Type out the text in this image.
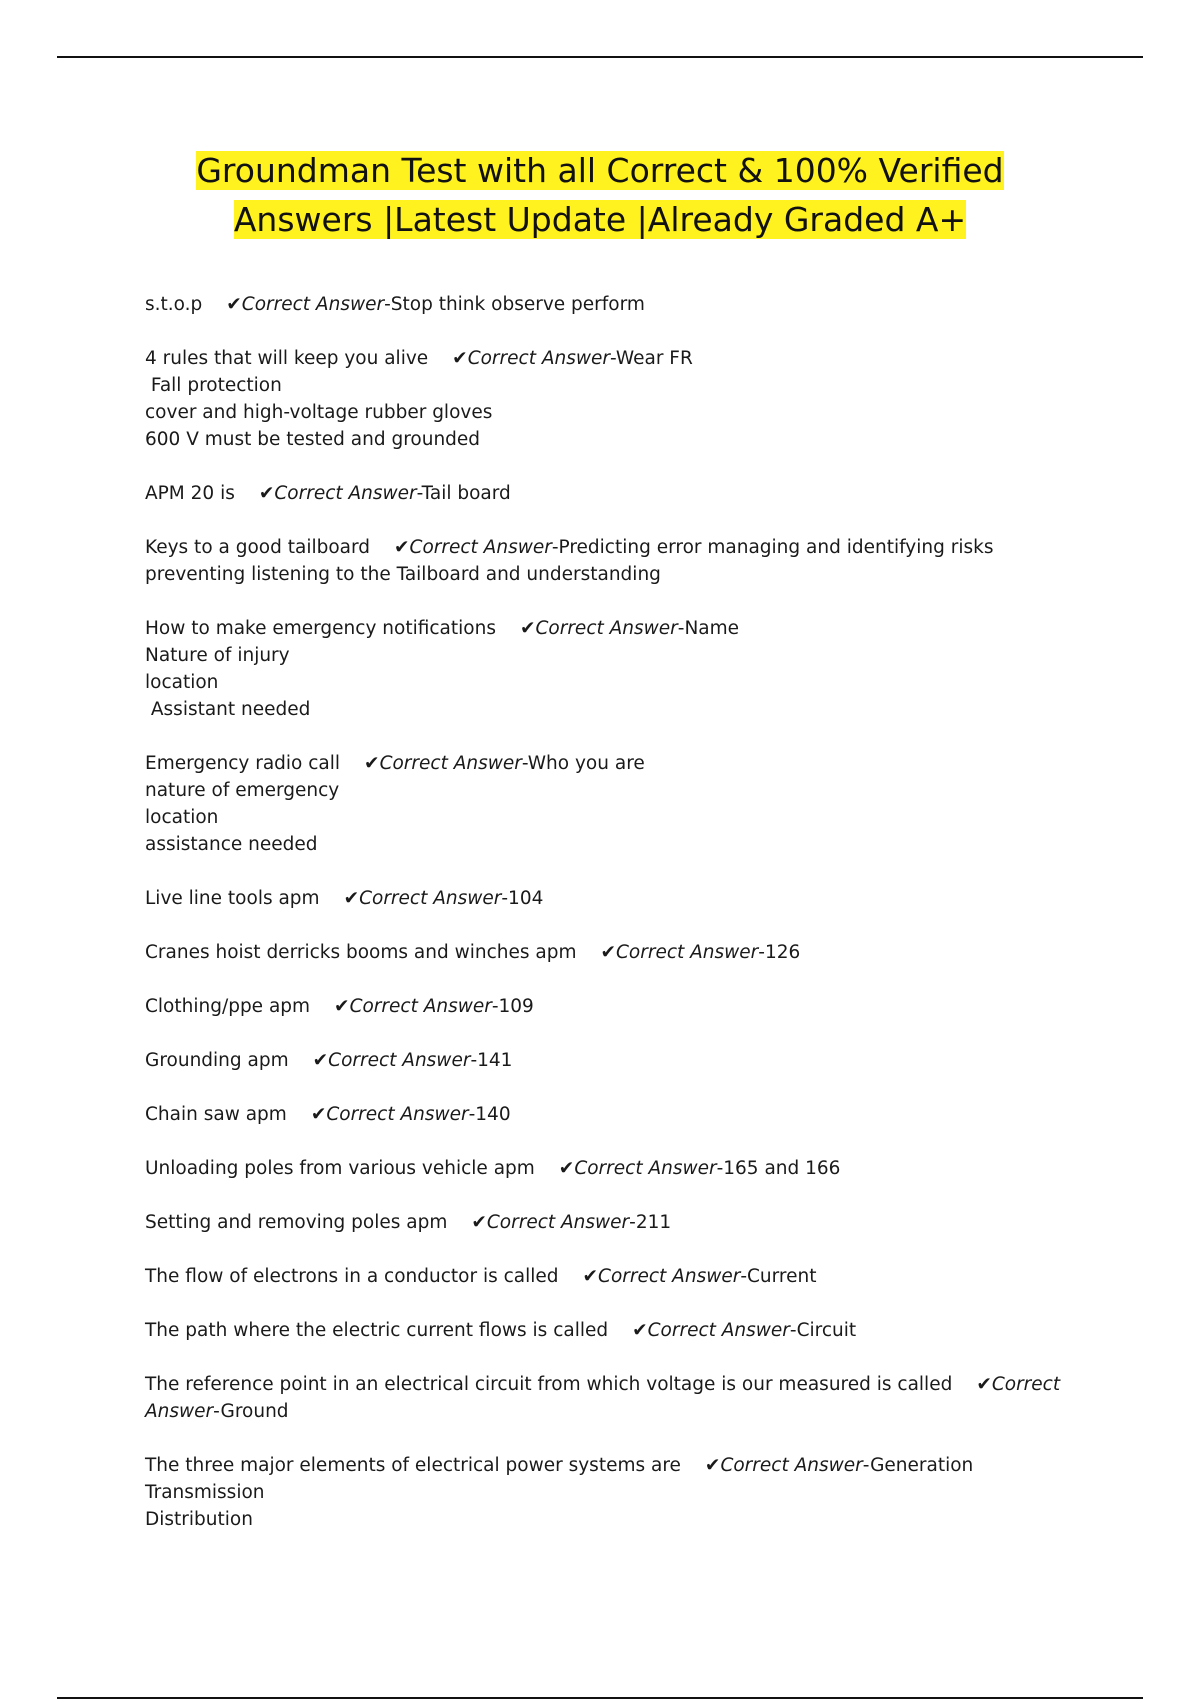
Groundman Test with all Correct & 100% Verified
Answers |Latest Update |Already Graded A+
s.t.o.p ✔Correct Answer-Stop think observe perform
4 rules that will keep you alive ✔Correct Answer-Wear FR
Fall protection
cover and high-voltage rubber gloves
600 V must be tested and grounded
APM 20 is ✔Correct Answer-Tail board
Keys to a good tailboard ✔Correct Answer-Predicting error managing and identifying risks
preventing listening to the Tailboard and understanding
How to make emergency notifications ✔Correct Answer-Name
Nature of injury
location
Assistant needed
Emergency radio call ✔Correct Answer-Who you are
nature of emergency
location
assistance needed
Live line tools apm ✔Correct Answer-104
Cranes hoist derricks booms and winches apm ✔Correct Answer-126
Clothing/ppe apm ✔Correct Answer-109
Grounding apm ✔Correct Answer-141
Chain saw apm ✔Correct Answer-140
Unloading poles from various vehicle apm ✔Correct Answer-165 and 166
Setting and removing poles apm ✔Correct Answer-211
The flow of electrons in a conductor is called ✔Correct Answer-Current
The path where the electric current flows is called ✔Correct Answer-Circuit
The reference point in an electrical circuit from which voltage is our measured is called ✔Correct
Answer-Ground
The three major elements of electrical power systems are ✔Correct Answer-Generation
Transmission
Distribution
